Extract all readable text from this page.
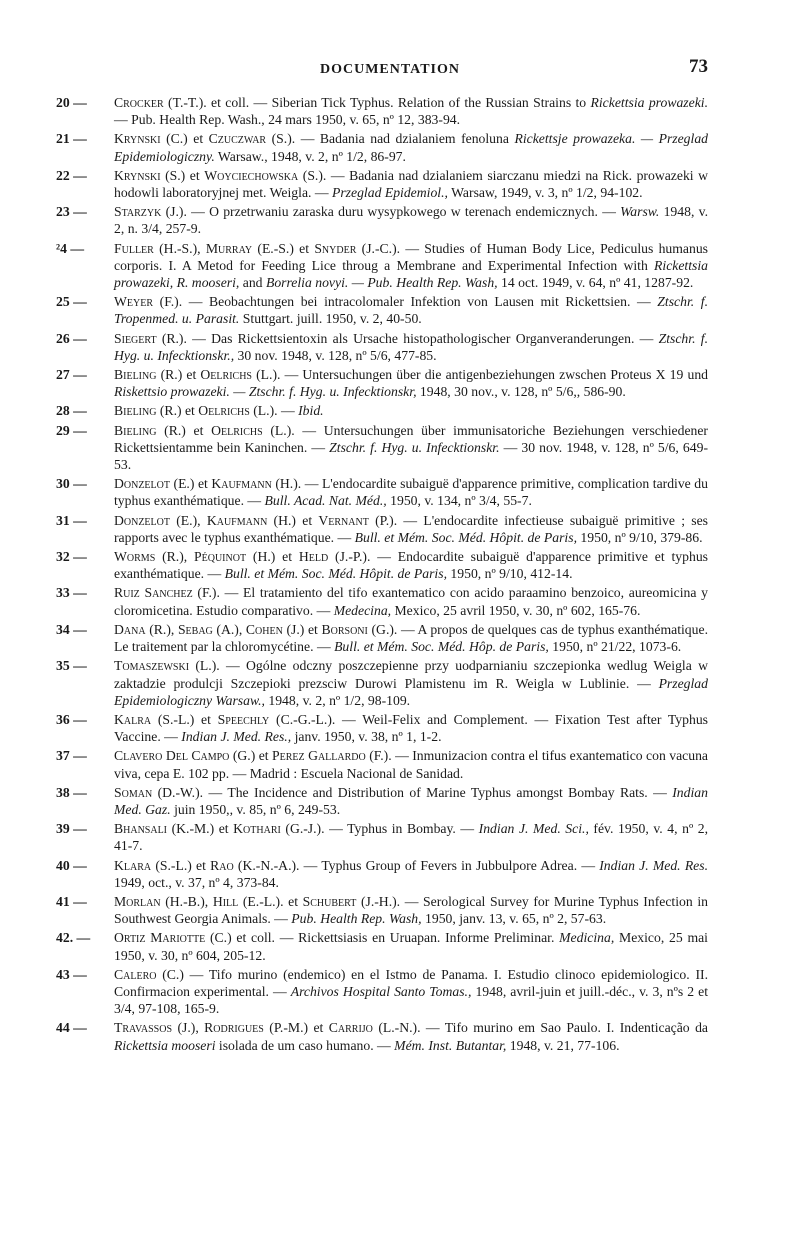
DOCUMENTATION	73
20 —	Crocker (T.-T.). et coll. — Siberian Tick Typhus. Relation of the Russian Strains to Rickettsia prowazeki. — Pub. Health Rep. Wash., 24 mars 1950, v. 65, nº 12, 383-94.
21 —	Krynski (C.) et Czuczwar (S.). — Badania nad dzialaniem fenoluna Rickettsje prowazeka. — Przeglad Epidemiologiczny. Warsaw., 1948, v. 2, nº 1/2, 86-97.
22 —	Krynski (S.) et Woyciechowska (S.). — Badania nad dzialaniem siarczanu miedzi na Rick. prowazeki w hodowli laboratoryjnej met. Weigla. — Przeglad Epidemiol., Warsaw, 1949, v. 3, nº 1/2, 94-102.
23 —	Starzyk (J.). — O przetrwaniu zaraska duru wysypkowego w terenach endemicznych. — Warsw. 1948, v. 2, n. 3/4, 257-9.
²4 —	Fuller (H.-S.), Murray (E.-S.) et Snyder (J.-C.). — Studies of Human Body Lice, Pediculus humanus corporis. I. A Metod for Feeding Lice throug a Membrane and Experimental Infection with Rickettsia prowazeki, R. mooseri, and Borrelia novyi. — Pub. Health Rep. Wash, 14 oct. 1949, v. 64, nº 41, 1287-92.
25 —	Weyer (F.). — Beobachtungen bei intracolomaler Infektion von Lausen mit Rickettsien. — Ztschr. f. Tropenmed. u. Parasit. Stuttgart. juill. 1950, v. 2, 40-50.
26 —	Siegert (R.). — Das Rickettsientoxin als Ursache histopathologischer Organveranderungen. — Ztschr. f. Hyg. u. Infecktionskr., 30 nov. 1948, v. 128, nº 5/6, 477-85.
27 —	Bieling (R.) et Oelrichs (L.). — Untersuchungen über die antigenbeziehungen zwschen Proteus X 19 und Riskettsio prowazeki. — Ztschr. f. Hyg. u. Infecktionskr, 1948, 30 nov., v. 128, nº 5/6,, 586-90.
28 —	Bieling (R.) et Oelrichs (L.). — Ibid.
29 —	Bieling (R.) et Oelrichs (L.). — Untersuchungen über immunisatoriche Beziehungen verschiedener Rickettsientamme bein Kaninchen. — Ztschr. f. Hyg. u. Infecktionskr. — 30 nov. 1948, v. 128, nº 5/6, 649-53.
30 —	Donzelot (E.) et Kaufmann (H.). — L'endocardite subaiguë d'apparence primitive, complication tardive du typhus exanthématique. — Bull. Acad. Nat. Méd., 1950, v. 134, nº 3/4, 55-7.
31 —	Donzelot (E.), Kaufmann (H.) et Vernant (P.). — L'endocardite infectieuse subaiguë primitive ; ses rapports avec le typhus exanthématique. — Bull. et Mém. Soc. Méd. Hôpit. de Paris, 1950, nº 9/10, 379-86.
32 —	Worms (R.), Péquinot (H.) et Held (J.-P.). — Endocardite subaiguë d'apparence primitive et typhus exanthématique. — Bull. et Mém. Soc. Méd. Hôpit. de Paris, 1950, nº 9/10, 412-14.
33 —	Ruiz Sanchez (F.). — El tratamiento del tifo exantematico con acido paraamino benzoico, aureomicina y cloromicetina. Estudio comparativo. — Medecina, Mexico, 25 avril 1950, v. 30, nº 602, 165-76.
34 —	Dana (R.), Sebag (A.), Cohen (J.) et Borsoni (G.). — A propos de quelques cas de typhus exanthématique. Le traitement par la chloromycétine. — Bull. et Mém. Soc. Méd. Hôp. de Paris, 1950, nº 21/22, 1073-6.
35 —	Tomaszewski (L.). — Ogólne odczny poszczepienne przy uodparnianiu szczepionka wedlug Weigla w zaktadzie produlcji Szczepioki prezsciw Durowi Plamistenu im R. Weigla w Lublinie. — Przeglad Epidemiologiczny Warsaw., 1948, v. 2, nº 1/2, 98-109.
36 —	Kalra (S.-L.) et Speechly (C.-G.-L.). — Weil-Felix and Complement. — Fixation Test after Typhus Vaccine. — Indian J. Med. Res., janv. 1950, v. 38, nº 1, 1-2.
37 —	Clavero Del Campo (G.) et Perez Gallardo (F.). — Inmunizacion contra el tifus exantematico con vacuna viva, cepa E. 102 pp. — Madrid : Escuela Nacional de Sanidad.
38 —	Soman (D.-W.). — The Incidence and Distribution of Marine Typhus amongst Bombay Rats. — Indian Med. Gaz. juin 1950,, v. 85, nº 6, 249-53.
39 —	Bhansali (K.-M.) et Kothari (G.-J.). — Typhus in Bombay. — Indian J. Med. Sci., fév. 1950, v. 4, nº 2, 41-7.
40 —	Klara (S.-L.) et Rao (K.-N.-A.). — Typhus Group of Fevers in Jubbulpore Adrea. — Indian J. Med. Res. 1949, oct., v. 37, nº 4, 373-84.
41 —	Morlan (H.-B.), Hill (E.-L.). et Schubert (J.-H.). — Serological Survey for Murine Typhus Infection in Southwest Georgia Animals. — Pub. Health Rep. Wash, 1950, janv. 13, v. 65, nº 2, 57-63.
42. —	Ortiz Mariotte (C.) et coll. — Rickettsiasis en Uruapan. Informe Preliminar. Medicina, Mexico, 25 mai 1950, v. 30, nº 604, 205-12.
43 —	Calero (C.) — Tifo murino (endemico) en el Istmo de Panama. I. Estudio clinoco epidemiologico. II. Confirmacion experimental. — Archivos Hospital Santo Tomas., 1948, avril-juin et juill.-déc., v. 3, nºs 2 et 3/4, 97-108, 165-9.
44 —	Travassos (J.), Rodrigues (P.-M.) et Carrijo (L.-N.). — Tifo murino em Sao Paulo. I. Indenticação da Rickettsia mooseri isolada de um caso humano. — Mém. Inst. Butantar, 1948, v. 21, 77-106.
